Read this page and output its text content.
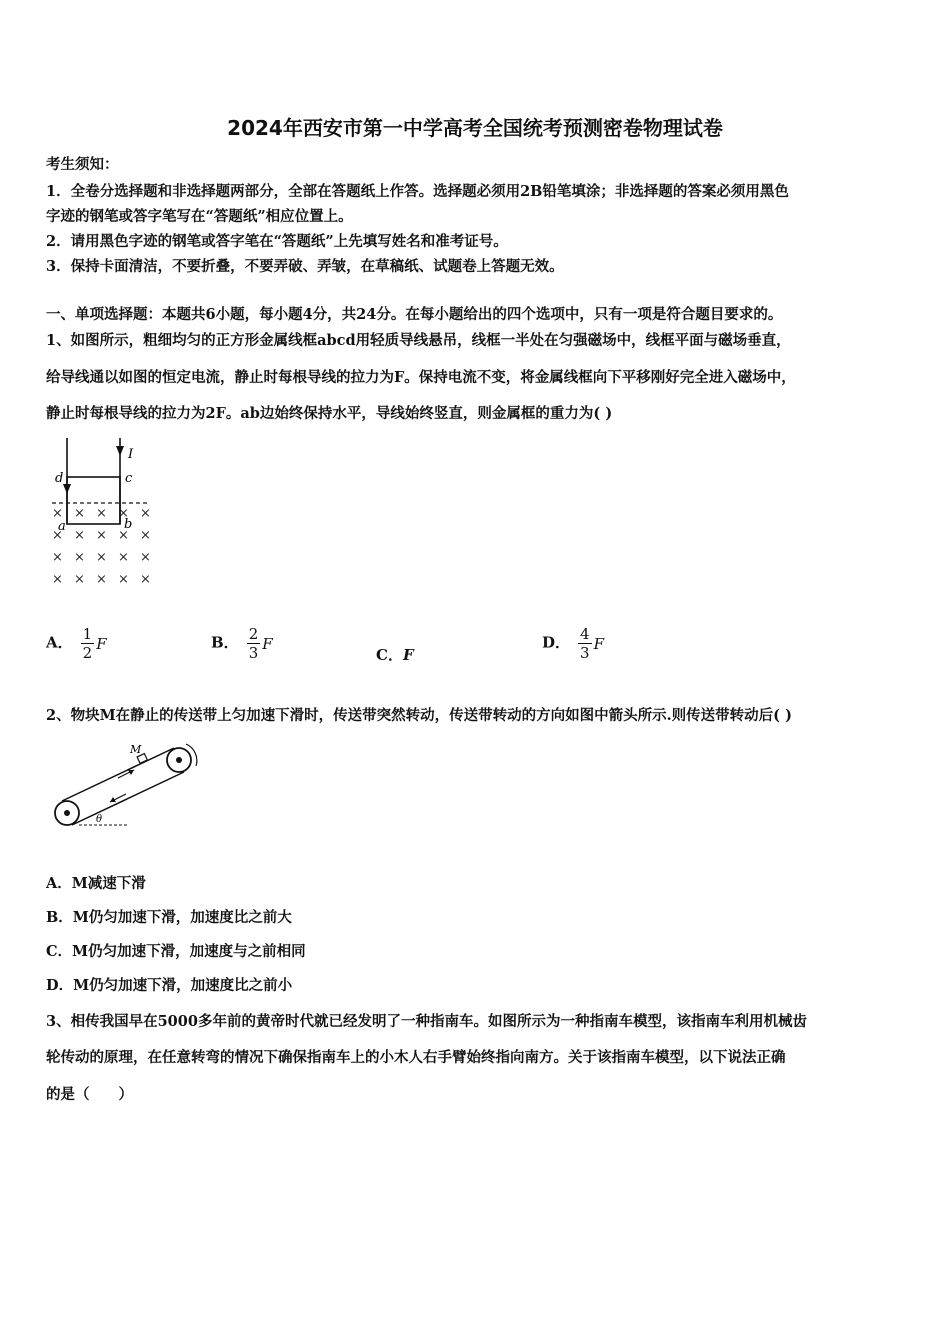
2024年西安市第一中学高考全国统考预测密卷物理试卷
考生须知：
1．全卷分选择题和非选择题两部分，全部在答题纸上作答。选择题必须用2B铅笔填涂；非选择题的答案必须用黑色
字迹的钢笔或答字笔写在“答题纸”相应位置上。
2．请用黑色字迹的钢笔或答字笔在“答题纸”上先填写姓名和准考证号。
3．保持卡面清洁，不要折叠，不要弄破、弄皱，在草稿纸、试题卷上答题无效。
一、单项选择题：本题共6小题，每小题4分，共24分。在每小题给出的四个选项中，只有一项是符合题目要求的。
1、如图所示，粗细均匀的正方形金属线框abcd用轻质导线悬吊，线框一半处在匀强磁场中，线框平面与磁场垂直，
给导线通以如图的恒定电流，静止时每根导线的拉力为F。保持电流不变，将金属线框向下平移刚好完全进入磁场中，
静止时每根导线的拉力为2F。ab边始终保持水平，导线始终竖直，则金属框的重力为( )
I
d	c
a	b
× × × × ×
× × × × ×
× × × × ×
× × × × ×
A． $\frac{1}{2}$ F	B． $\frac{2}{3}$ F
C．F
D． $\frac{4}{3}$ F
2、物块M在静止的传送带上匀加速下滑时，传送带突然转动，传送带转动的方向如图中箭头所示.则传送带转动后( )
M
θ
A．M减速下滑
B．M仍匀加速下滑，加速度比之前大
C．M仍匀加速下滑，加速度与之前相同
D．M仍匀加速下滑，加速度比之前小
3、相传我国早在5000多年前的黄帝时代就已经发明了一种指南车。如图所示为一种指南车模型，该指南车利用机械齿
轮传动的原理，在任意转弯的情况下确保指南车上的小木人右手臂始终指向南方。关于该指南车模型，以下说法正确
的是（　　）
